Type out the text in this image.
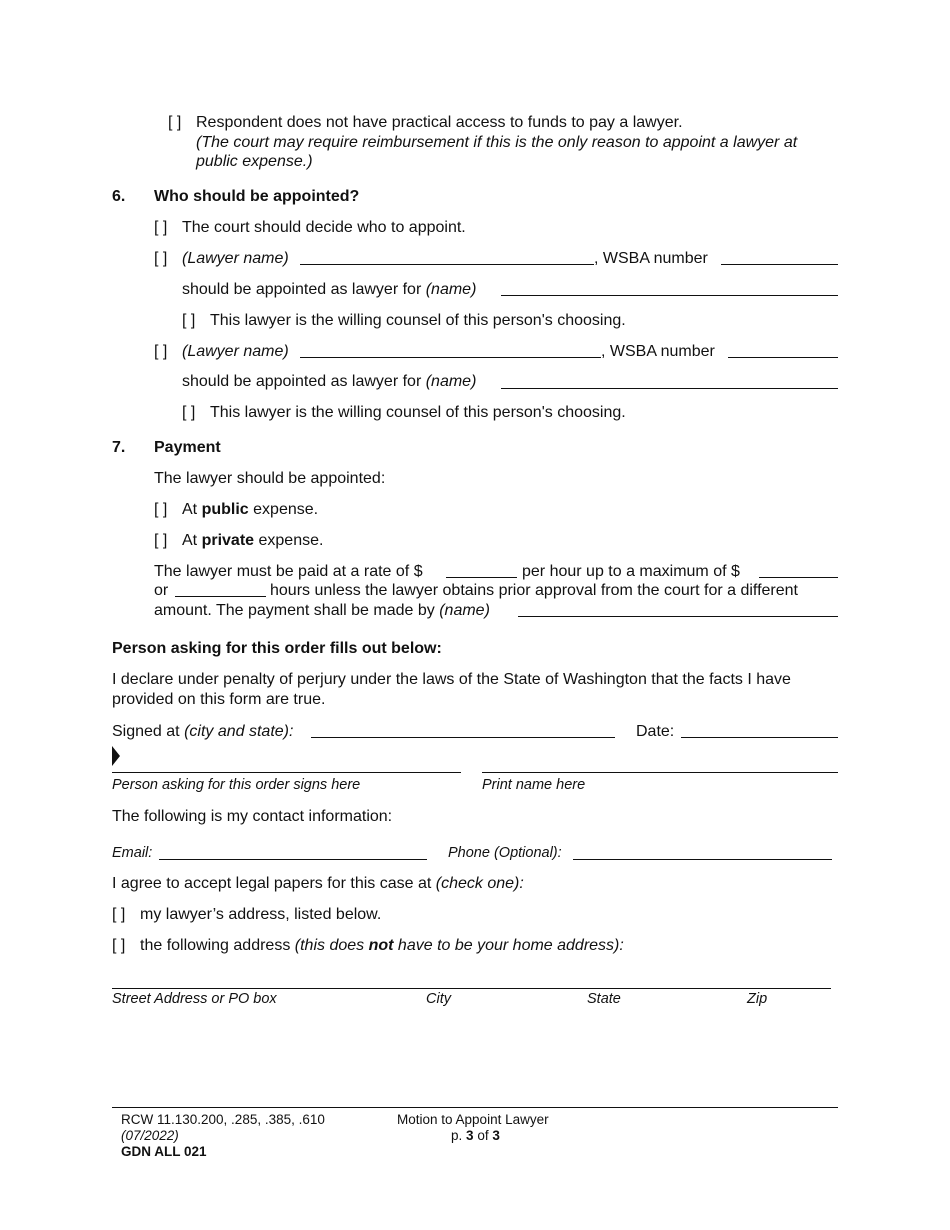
[ ] Respondent does not have practical access to funds to pay a lawyer.
(The court may require reimbursement if this is the only reason to appoint a lawyer at
public expense.)
6. Who should be appointed?
[ ] The court should decide who to appoint.
[ ] (Lawyer name)	, WSBA number
should be appointed as lawyer for (name)
[ ] This lawyer is the willing counsel of this person's choosing.
[ ] (Lawyer name)	, WSBA number
should be appointed as lawyer for (name)
[ ] This lawyer is the willing counsel of this person's choosing.
7. Payment
The lawyer should be appointed:
[ ] At public expense.
[ ] At private expense.
The lawyer must be paid at a rate of $	per hour up to a maximum of $
or	hours unless the lawyer obtains prior approval from the court for a different
amount. The payment shall be made by (name)
Person asking for this order fills out below:
I declare under penalty of perjury under the laws of the State of Washington that the facts I have
provided on this form are true.
Signed at (city and state):	Date:
Person asking for this order signs here	Print name here
The following is my contact information:
Email:	Phone (Optional):
I agree to accept legal papers for this case at (check one):
[ ] my lawyer’s address, listed below.
[ ] the following address (this does not have to be your home address):
Street Address or PO box	City	State	Zip
RCW 11.130.200, .285, .385, .610
(07/2022)
GDN ALL 021
Motion to Appoint Lawyer
p. 3 of 3
